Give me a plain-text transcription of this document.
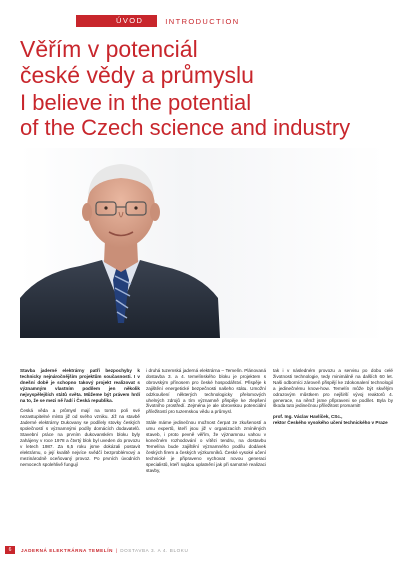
ÚVOD	INTRODUCTION
Věřím v potenciál
české vědy a průmyslu
I believe in the potential
of the Czech science and industry

Stavba jaderné elektrárny patří bezpochyby k technicky nejnáročnějším projektům současnosti. I v dnešní době je schopno takový projekt realizovat s významným vlastním podílem jen několik nejvyspělejších států světa. Můžeme být právem hrdí na to, že se mezi ně řadí i Česká republika.

Česká věda a průmysl mají na tomto poli své nezastupitelné místo již od svého vzniku. Již na stavbě Jaderné elektrárny Dukovany se podílely stovky českých společností s významnými podíly domácích dodavatelů. Stavební práce na prvním dukovanském bloku byly zahájeny v roce 1978 a čtvrtý blok byl uveden do provozu v letech 1987. Za 6,5 roku jsme dokázali postavit elektrárnu, o její kvalitě nejvíce svědčí bezproblémový a mezinárodně oceňovaný provoz. Po prvních úvodních nemocech spolehlivě fungují

i druhá tuzemská jaderná elektrárna – Temelín. Plánovaná dostavba 3. a 4. temelínského bloku je projektem s obrovským přínosem pro české hospodářství. Přispěje k zajištění energetické bezpečnosti našeho státu. Umožní odzkoušení některých technologicky přelomových uhelných zdrojů a tím významně přispěje ke zlepšení životního prostředí. Zejména je ale obrovskou potenciální příležitostí pro tuzemskou vědu a průmysl.

Stále máme jedinečnou možnost čerpat ze zkušeností a umu expertů, kteří jsou již v organizacích zmíněných staveb, i proto pevně věřím, že významnou vahou v konečném rozhodování o vítězi tendru, na dostavbu Temelína bude zajištění významného podílu dodávek českých firem a českých výzkumníků. České vysoké učení technické je připraveno vychovat novou generaci specialistů, kteří najdou uplatnění jak při samotné realizaci stavby,

tak i v následném provozu a servisu po dobu celé životnosti technologie, tedy minimálně na dalších 60 let. Naši odborníci zároveň přispějí ke zdokonalení technologií a jedinečnému know-how. Temelín může být skvělým odrazovým můstkem pro nejširší vývoj reaktorů 4. generace, na němž jsme připraveni se podílet. Byla by škoda tuto jedinečnou příležitost promarnit!

prof. Ing. Václav Havlíček, CSc.,
rektor Českého vysokého učení technického v Praze

6	JADERNÁ ELEKTRÁRNA TEMELÍN | DOSTAVBA 3. A 4. BLOKU
